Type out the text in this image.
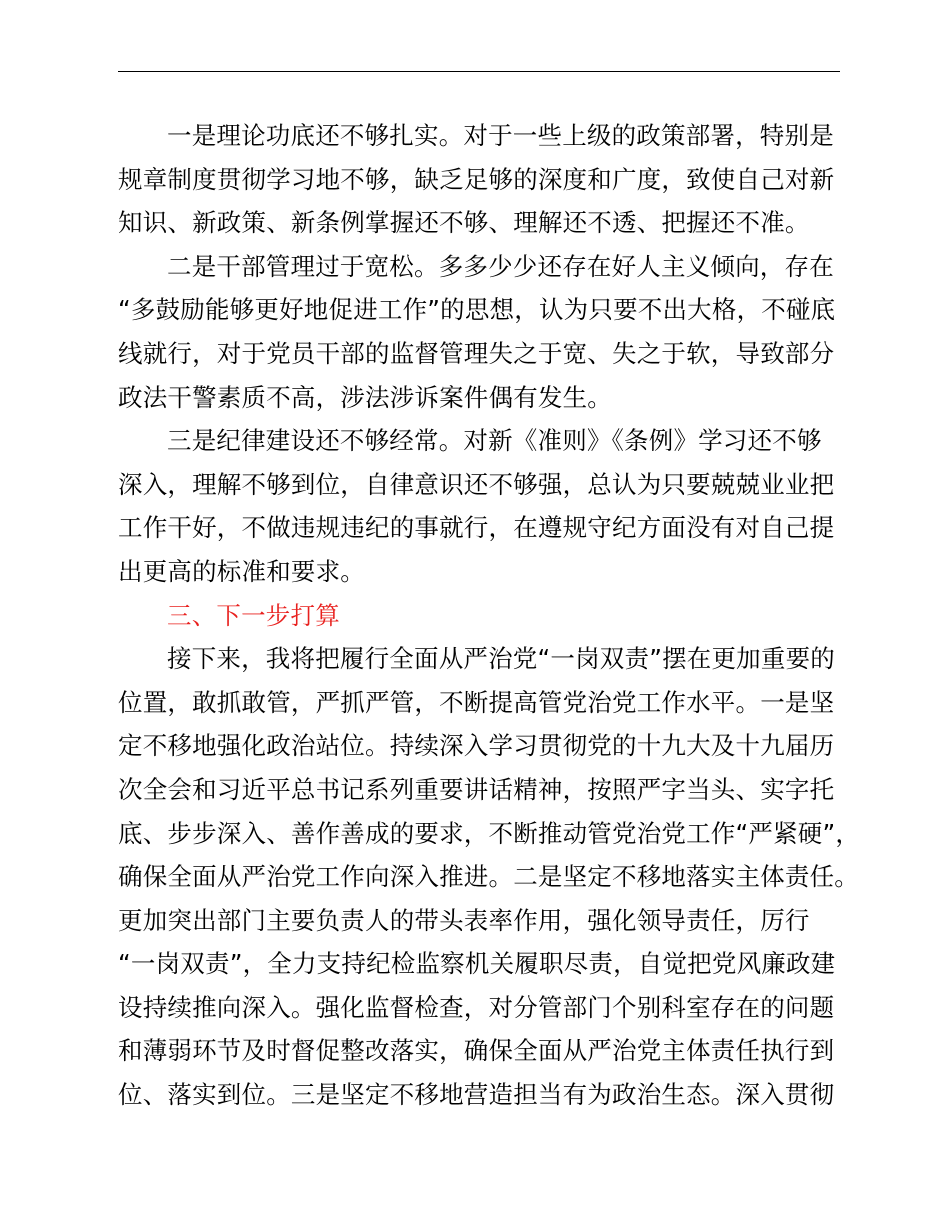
一是理论功底还不够扎实。对于一些上级的政策部署，特别是
规章制度贯彻学习地不够，缺乏足够的深度和广度，致使自己对新
知识、新政策、新条例掌握还不够、理解还不透、把握还不准。
二是干部管理过于宽松。多多少少还存在好人主义倾向，存在
“多鼓励能够更好地促进工作”的思想，认为只要不出大格，不碰底
线就行，对于党员干部的监督管理失之于宽、失之于软，导致部分
政法干警素质不高，涉法涉诉案件偶有发生。
三是纪律建设还不够经常。对新《准则》《条例》学习还不够
深入，理解不够到位，自律意识还不够强，总认为只要兢兢业业把
工作干好，不做违规违纪的事就行，在遵规守纪方面没有对自己提
出更高的标准和要求。
三、下一步打算
接下来，我将把履行全面从严治党“一岗双责”摆在更加重要的
位置，敢抓敢管，严抓严管，不断提高管党治党工作水平。一是坚
定不移地强化政治站位。持续深入学习贯彻党的十九大及十九届历
次全会和习近平总书记系列重要讲话精神，按照严字当头、实字托
底、步步深入、善作善成的要求，不断推动管党治党工作“严紧硬”，
确保全面从严治党工作向深入推进。二是坚定不移地落实主体责任。
更加突出部门主要负责人的带头表率作用，强化领导责任，厉行
“一岗双责”，全力支持纪检监察机关履职尽责，自觉把党风廉政建
设持续推向深入。强化监督检查，对分管部门个别科室存在的问题
和薄弱环节及时督促整改落实，确保全面从严治党主体责任执行到
位、落实到位。三是坚定不移地营造担当有为政治生态。深入贯彻
